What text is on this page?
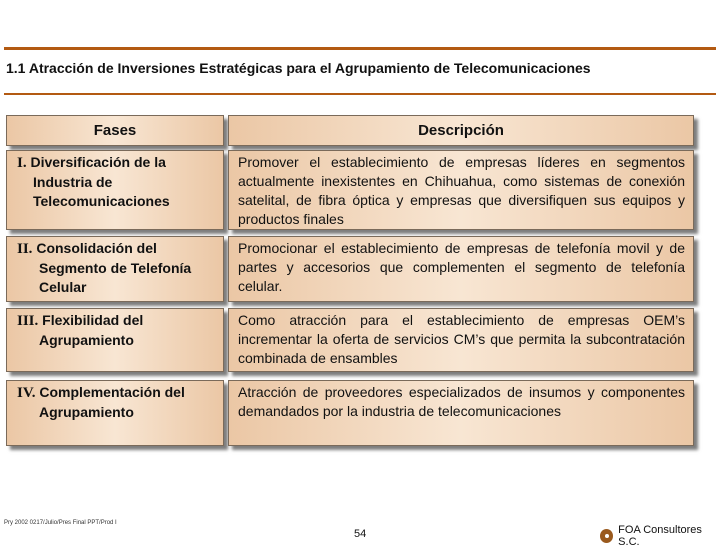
1.1 Atracción de Inversiones Estratégicas para el Agrupamiento de Telecomunicaciones
Fases	Descripción
I. Diversificación de la
Industria de
Telecomunicaciones
Promover el establecimiento de empresas líderes en segmentos actualmente inexistentes en Chihuahua, como sistemas de conexión satelital, de fibra óptica y empresas que diversifiquen sus equipos y productos finales
II. Consolidación del
Segmento de Telefonía
Celular
Promocionar el establecimiento de empresas de telefonía movil y de partes y accesorios que complementen el segmento de telefonía celular.
III. Flexibilidad del
Agrupamiento
Como atracción para el establecimiento de empresas OEM’s incrementar la oferta de servicios CM’s que permita la subcontratación combinada de ensambles
IV. Complementación del
Agrupamiento
Atracción de proveedores especializados de insumos y componentes demandados por la industria de telecomunicaciones
Pry 2002 0217/Julio/Pres Final PPT/Prod I
54	FOA Consultores S.C.
